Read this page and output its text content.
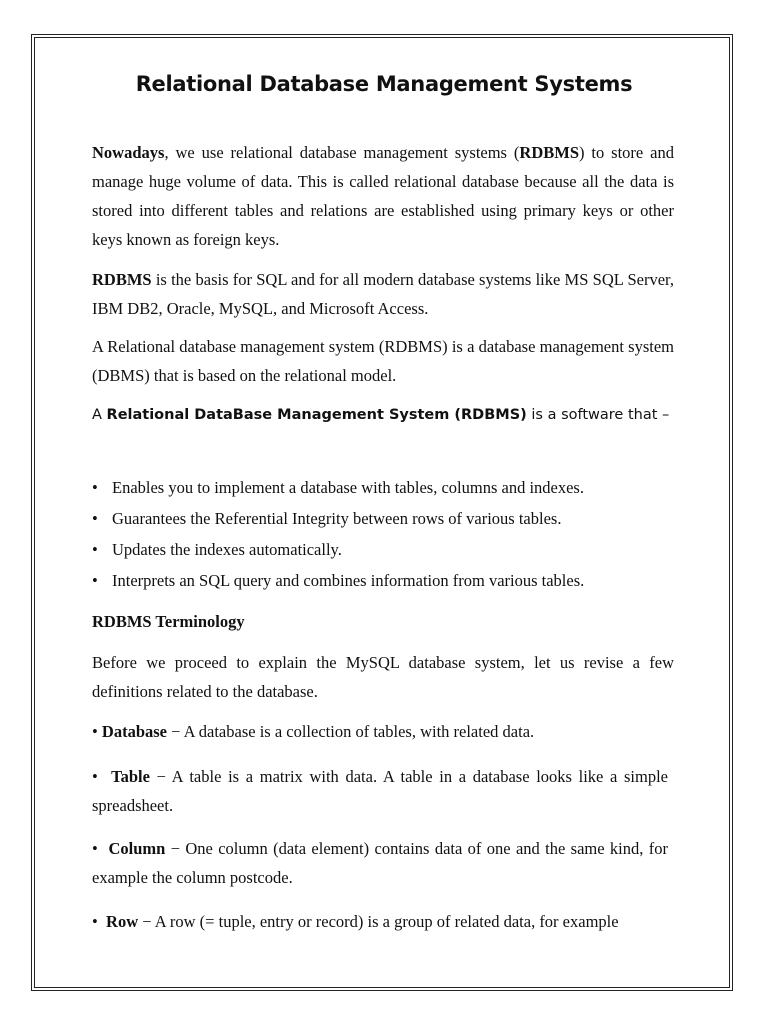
Relational Database Management Systems

Nowadays, we use relational database management systems (RDBMS) to store and manage huge volume of data. This is called relational database because all the data is stored into different tables and relations are established using primary keys or other keys known as foreign keys.

RDBMS is the basis for SQL and for all modern database systems like MS SQL Server, IBM DB2, Oracle, MySQL, and Microsoft Access.

A Relational database management system (RDBMS) is a database management system (DBMS) that is based on the relational model.

A Relational DataBase Management System (RDBMS) is a software that –
• Enables you to implement a database with tables, columns and indexes.
• Guarantees the Referential Integrity between rows of various tables.
• Updates the indexes automatically.
• Interprets an SQL query and combines information from various tables.
RDBMS Terminology

Before we proceed to explain the MySQL database system, let us revise a few definitions related to the database.

• Database − A database is a collection of tables, with related data.

• Table − A table is a matrix with data. A table in a database looks like a simple spreadsheet.

• Column − One column (data element) contains data of one and the same kind, for example the column postcode.

• Row − A row (= tuple, entry or record) is a group of related data, for example
